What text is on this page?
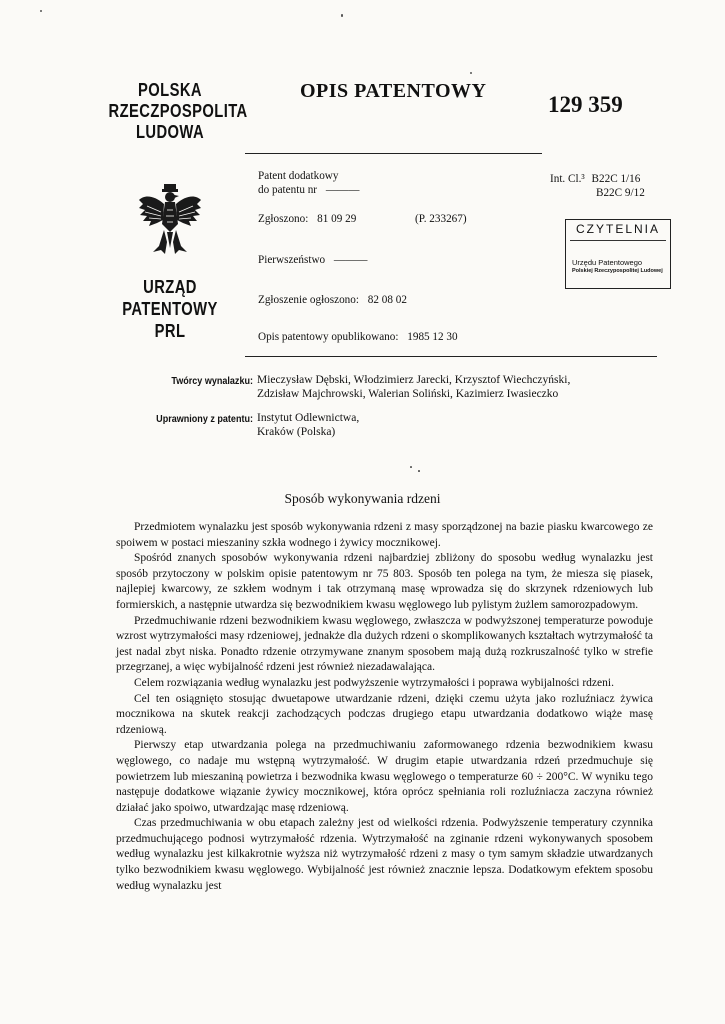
POLSKA
RZECZPOSPOLITA
LUDOWA
URZĄD
PATENTOWY
PRL
OPIS PATENTOWY
129 359
Patent dodatkowy
do patentu nr ———
Int. Cl.³ B22C 1/16
B22C 9/12
Zgłoszono: 81 09 29	(P. 233267)
Pierwszeństwo ———
Zgłoszenie ogłoszono: 82 08 02
Opis patentowy opublikowano: 1985 12 30
CZYTELNIA
Urzędu Patentowego
Polskiej Rzeczypospolitej Ludowej
Twórcy wynalazku: Mieczysław Dębski, Włodzimierz Jarecki, Krzysztof Wiechczyński,
Zdzisław Majchrowski, Walerian Soliński, Kazimierz Iwasieczko
Uprawniony z patentu: Instytut Odlewnictwa,
Kraków (Polska)
Sposób wykonywania rdzeni

Przedmiotem wynalazku jest sposób wykonywania rdzeni z masy sporządzonej na bazie piasku kwarcowego ze spoiwem w postaci mieszaniny szkła wodnego i żywicy mocznikowej.

Spośród znanych sposobów wykonywania rdzeni najbardziej zbliżony do sposobu według wynalazku jest sposób przytoczony w polskim opisie patentowym nr 75 803. Sposób ten polega na tym, że miesza się piasek, najlepiej kwarcowy, ze szkłem wodnym i tak otrzymaną masę wprowadza się do skrzynek rdzeniowych lub formierskich, a następnie utwardza się bezwodnikiem kwasu węglowego lub pylistym żużlem samorozpadowym.

Przedmuchiwanie rdzeni bezwodnikiem kwasu węglowego, zwłaszcza w podwyższonej temperaturze powoduje wzrost wytrzymałości masy rdzeniowej, jednakże dla dużych rdzeni o skomplikowanych kształtach wytrzymałość ta jest nadal zbyt niska. Ponadto rdzenie otrzymywane znanym sposobem mają dużą rozkruszalność tylko w strefie przegrzanej, a więc wybijalność rdzeni jest również niezadawalająca.

Celem rozwiązania według wynalazku jest podwyższenie wytrzymałości i poprawa wybijalności rdzeni.

Cel ten osiągnięto stosując dwuetapowe utwardzanie rdzeni, dzięki czemu użyta jako rozluźniacz żywica mocznikowa na skutek reakcji zachodzących podczas drugiego etapu utwardzania dodatkowo wiąże masę rdzeniową.

Pierwszy etap utwardzania polega na przedmuchiwaniu zaformowanego rdzenia bezwodnikiem kwasu węglowego, co nadaje mu wstępną wytrzymałość. W drugim etapie utwardzania rdzeń przedmuchuje się powietrzem lub mieszaniną powietrza i bezwodnika kwasu węglowego o temperaturze 60 ÷ 200°C. W wyniku tego następuje dodatkowe wiązanie żywicy mocznikowej, która oprócz spełniania roli rozluźniacza zaczyna również działać jako spoiwo, utwardzając masę rdzeniową.

Czas przedmuchiwania w obu etapach zależny jest od wielkości rdzenia. Podwyższenie temperatury czynnika przedmuchującego podnosi wytrzymałość rdzenia. Wytrzymałość na zginanie rdzeni wykonywanych sposobem według wynalazku jest kilkakrotnie wyższa niż wytrzymałość rdzeni z masy o tym samym składzie utwardzanych tylko bezwodnikiem kwasu węglowego. Wybijalność jest również znacznie lepsza. Dodatkowym efektem sposobu według wynalazku jest
